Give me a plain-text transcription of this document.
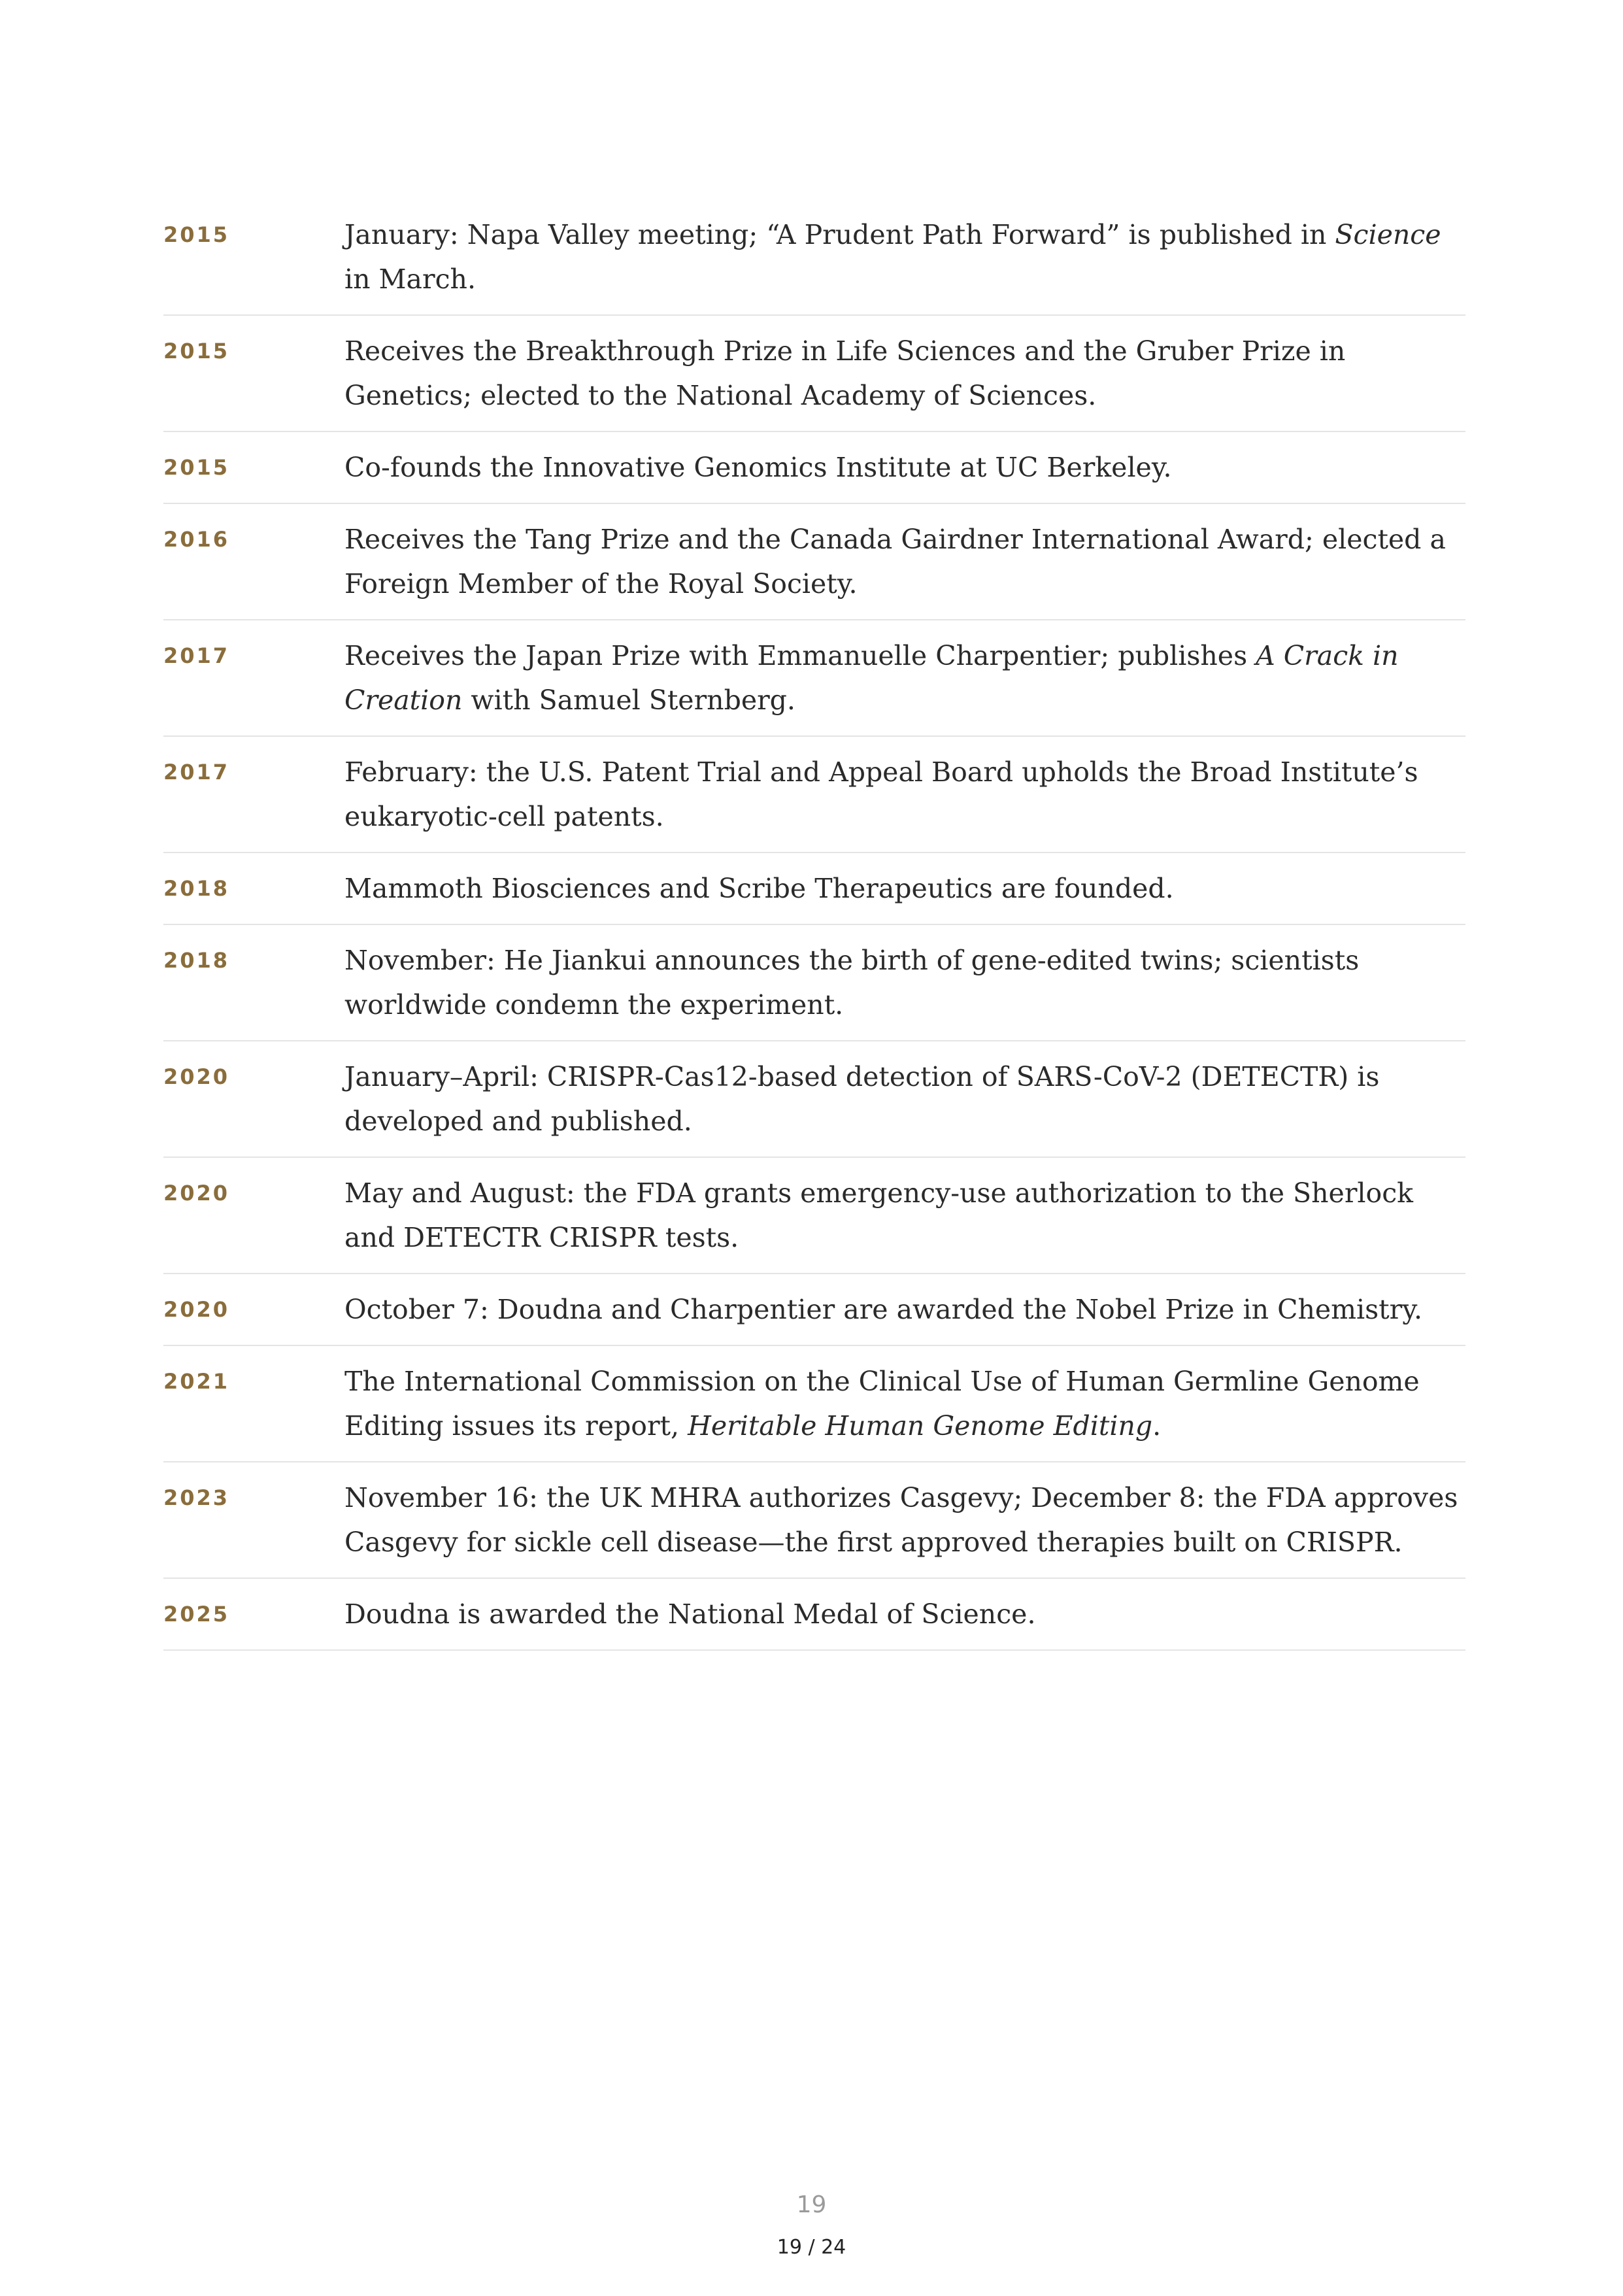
2015	January: Napa Valley meeting; “A Prudent Path Forward” is published in Science in March.
2015	Receives the Breakthrough Prize in Life Sciences and the Gruber Prize in Genetics; elected to the National Academy of Sciences.
2015	Co-founds the Innovative Genomics Institute at UC Berkeley.
2016	Receives the Tang Prize and the Canada Gairdner International Award; elected a Foreign Member of the Royal Society.
2017	Receives the Japan Prize with Emmanuelle Charpentier; publishes A Crack in Creation with Samuel Sternberg.
2017	February: the U.S. Patent Trial and Appeal Board upholds the Broad Institute’s eukaryotic-cell patents.
2018	Mammoth Biosciences and Scribe Therapeutics are founded.
2018	November: He Jiankui announces the birth of gene-edited twins; scientists worldwide condemn the experiment.
2020	January–April: CRISPR-Cas12-based detection of SARS-CoV-2 (DETECTR) is developed and published.
2020	May and August: the FDA grants emergency-use authorization to the Sherlock and DETECTR CRISPR tests.
2020	October 7: Doudna and Charpentier are awarded the Nobel Prize in Chemistry.
2021	The International Commission on the Clinical Use of Human Germline Genome Editing issues its report, Heritable Human Genome Editing.
2023	November 16: the UK MHRA authorizes Casgevy; December 8: the FDA approves Casgevy for sickle cell disease—the first approved therapies built on CRISPR.
2025	Doudna is awarded the National Medal of Science.
19
19 / 24
